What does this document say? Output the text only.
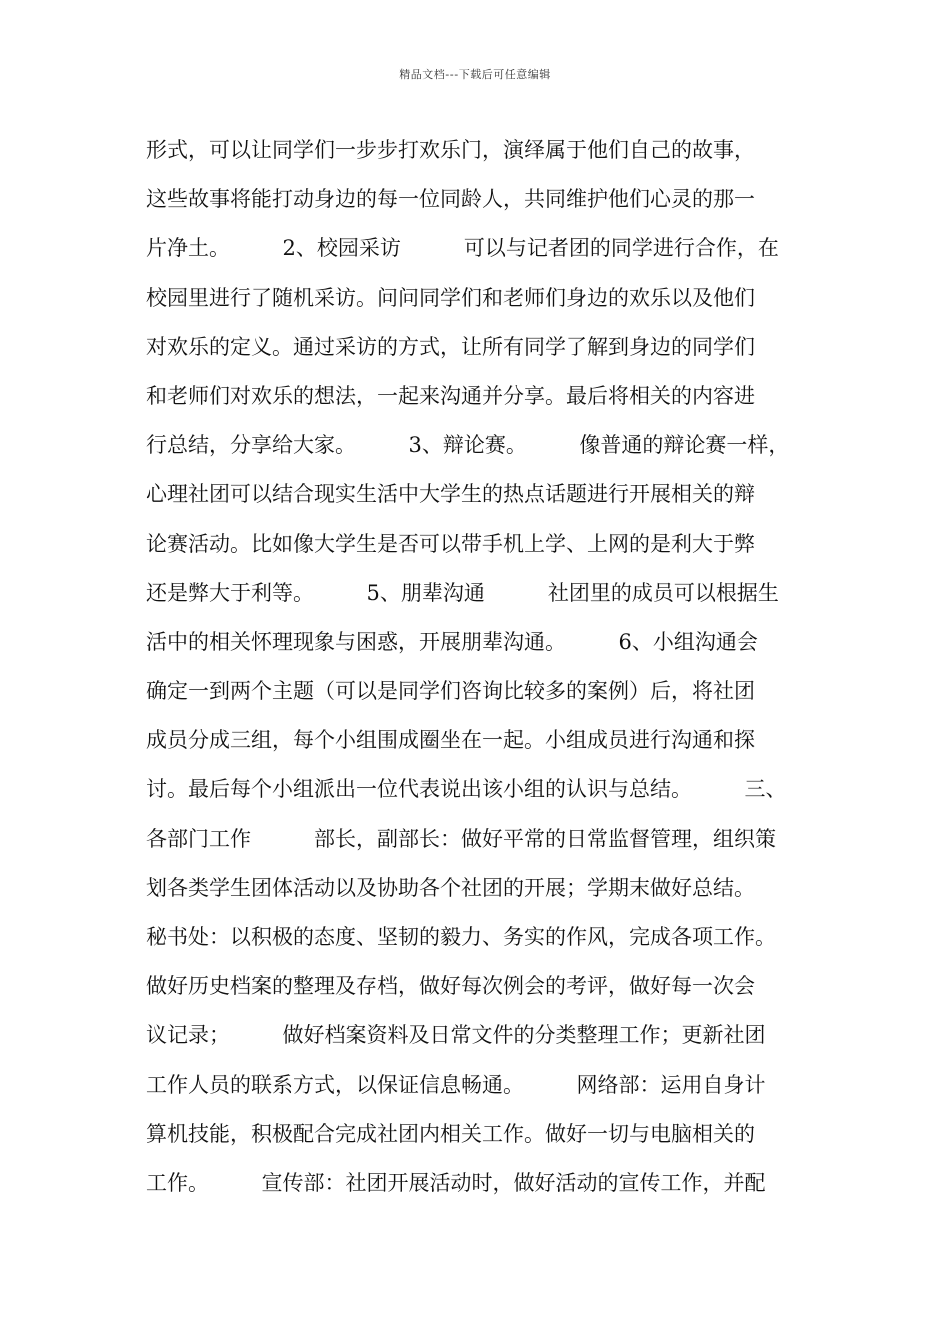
精品文档---下载后可任意编辑
形式，可以让同学们一步步打欢乐门，演绎属于他们自己的故事，
这些故事将能打动身边的每一位同龄人，共同维护他们心灵的那一
片净土。　　　2、校园采访　　　可以与记者团的同学进行合作，在
校园里进行了随机采访。问问同学们和老师们身边的欢乐以及他们
对欢乐的定义。通过采访的方式，让所有同学了解到身边的同学们
和老师们对欢乐的想法，一起来沟通并分享。最后将相关的内容进
行总结，分享给大家。　　　3、辩论赛。　　　像普通的辩论赛一样，
心理社团可以结合现实生活中大学生的热点话题进行开展相关的辩
论赛活动。比如像大学生是否可以带手机上学、上网的是利大于弊
还是弊大于利等。　　　5、朋辈沟通　　　社团里的成员可以根据生
活中的相关怀理现象与困惑，开展朋辈沟通。　　　6、小组沟通会
确定一到两个主题（可以是同学们咨询比较多的案例）后，将社团
成员分成三组，每个小组围成圈坐在一起。小组成员进行沟通和探
讨。最后每个小组派出一位代表说出该小组的认识与总结。　　　三、
各部门工作　　　部长，副部长：做好平常的日常监督管理，组织策
划各类学生团体活动以及协助各个社团的开展；学期末做好总结。
秘书处：以积极的态度、坚韧的毅力、务实的作风，完成各项工作。
做好历史档案的整理及存档，做好每次例会的考评，做好每一次会
议记录；　　　做好档案资料及日常文件的分类整理工作；更新社团
工作人员的联系方式，以保证信息畅通。　　　网络部：运用自身计
算机技能，积极配合完成社团内相关工作。做好一切与电脑相关的
工作。　　　宣传部：社团开展活动时，做好活动的宣传工作，并配
